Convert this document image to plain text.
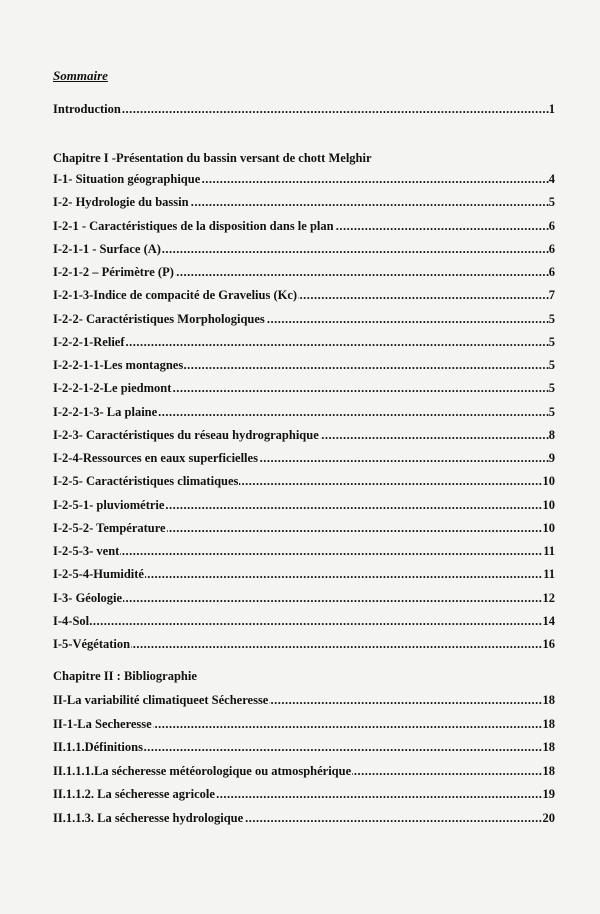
Sommaire

..... Introduction	1
Chapitre I -Présentation du bassin versant de chott Melghir
..... I-1- Situation géographique	4
..... I-2- Hydrologie du bassin	5
..... I-2-1 - Caractéristiques de la disposition dans le plan	6
..... I-2-1-1 - Surface (A)	6
..... I-2-1-2 – Périmètre (P)	6
..... I-2-1-3-Indice de compacité de Gravelius (Kc)	7
..... I-2-2- Caractéristiques Morphologiques	5
..... I-2-2-1-Relief	5
..... I-2-2-1-1-Les montagnes	5
..... I-2-2-1-2-Le piedmont	5
..... I-2-2-1-3- La plaine	5
..... I-2-3- Caractéristiques du réseau hydrographique	8
..... I-2-4-Ressources en eaux superficielles	9
..... I-2-5- Caractéristiques climatiques	10
..... I-2-5-1- pluviométrie	10
..... I-2-5-2- Température	10
..... I-2-5-3- vent	11
..... I-2-5-4-Humidité	11
..... I-3- Géologie	12
..... I-4-Sol	14
..... I-5-Végétation	16
Chapitre II : Bibliographie
..... II-La variabilité climatiqueet Sécheresse	18
..... II-1-La Secheresse	18
..... II.1.1.Définitions	18
..... II.1.1.1.La sécheresse météorologique ou atmosphérique	18
..... II.1.1.2. La sécheresse agricole	19
..... II.1.1.3. La sécheresse hydrologique	20
